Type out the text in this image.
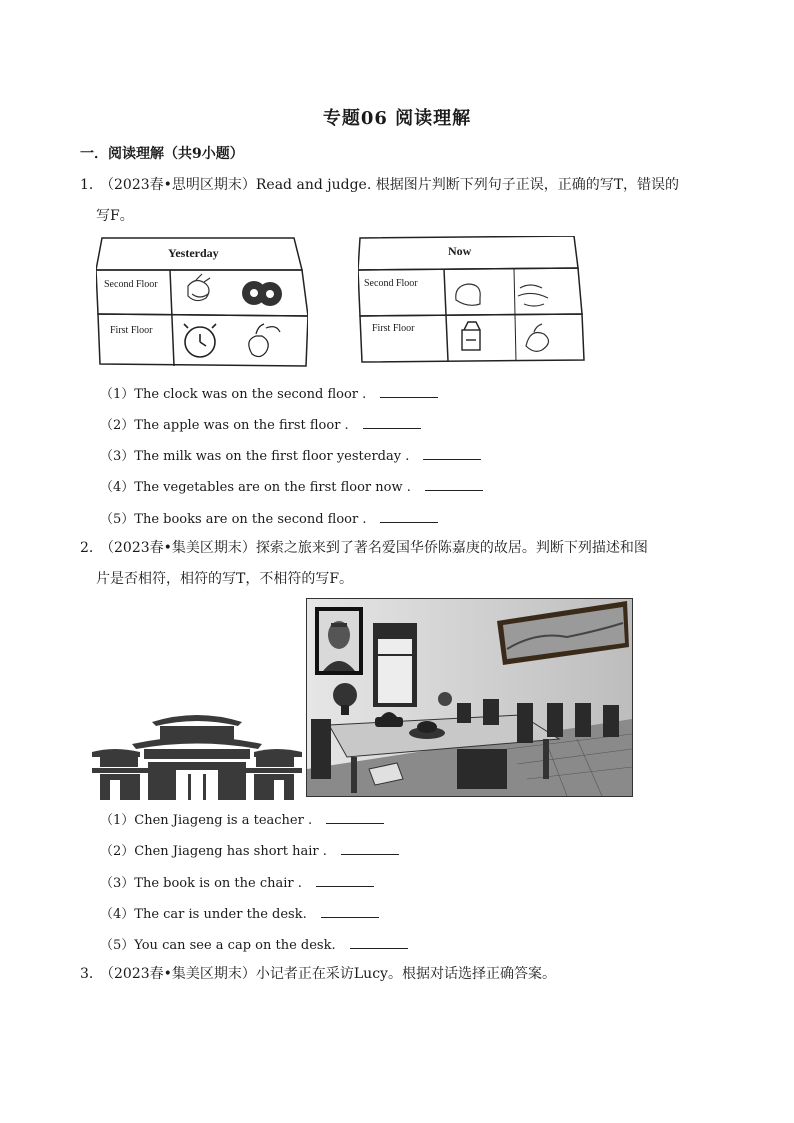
专题06 阅读理解
一．阅读理解（共9小题）
1．（2023春•思明区期末）Read and judge. 根据图片判断下列句子正误，正确的写T，错误的
写F。
Yesterday
Second Floor
First Floor
Now
Second Floor
First Floor
（1）The clock was on the second floor .
（2）The apple was on the first floor .
（3）The milk was on the first floor yesterday .
（4）The vegetables are on the first floor now .
（5）The books are on the second floor .
2．（2023春•集美区期末）探索之旅来到了著名爱国华侨陈嘉庚的故居。判断下列描述和图
片是否相符，相符的写T，不相符的写F。
（1）Chen Jiageng is a teacher .
（2）Chen Jiageng has short hair .
（3）The book is on the chair .
（4）The car is under the desk.
（5）You can see a cap on the desk.
3．（2023春•集美区期末）小记者正在采访Lucy。根据对话选择正确答案。
